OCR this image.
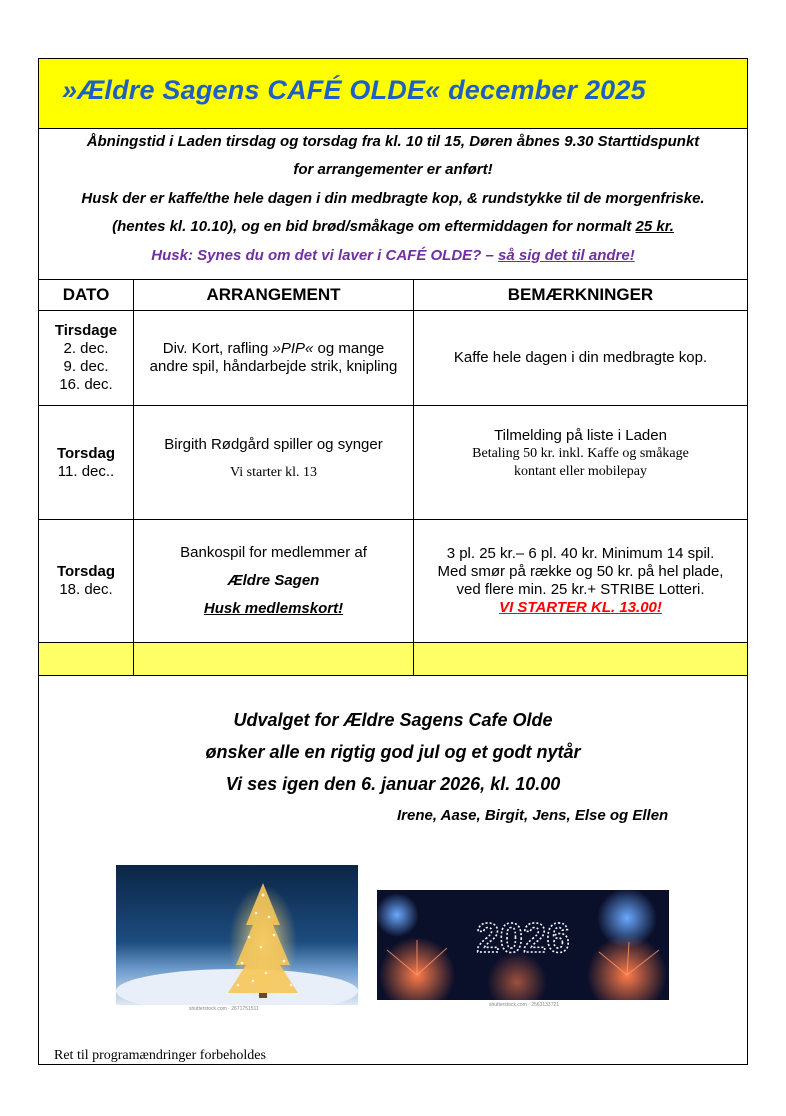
»Ældre Sagens CAFÉ OLDE« december 2025
Åbningstid i Laden tirsdag og torsdag fra kl. 10 til 15, Døren åbnes 9.30 Starttidspunkt
for arrangementer er anført!
Husk der er kaffe/the hele dagen i din medbragte kop, & rundstykke til de morgenfriske.
(hentes kl. 10.10), og en bid brød/småkage om eftermiddagen for normalt 25 kr.
Husk: Synes du om det vi laver i CAFÉ OLDE? – så sig det til andre!
DATO	ARRANGEMENT	BEMÆRKNINGER
Tirsdage
2. dec.
9. dec.
16. dec.
Div. Kort, rafling »PIP« og mange
andre spil, håndarbejde strik, knipling
Kaffe hele dagen i din medbragte kop.
Torsdag
11. dec..
Birgith Rødgård spiller og synger
Vi starter kl. 13
Tilmelding på liste i Laden
Betaling 50 kr. inkl. Kaffe og småkage
kontant eller mobilepay
Torsdag
18. dec.
Bankospil for medlemmer af
Ældre Sagen
Husk medlemskort!
3 pl. 25 kr.– 6 pl. 40 kr. Minimum 14 spil.
Med smør på række og 50 kr. på hel plade,
ved flere min. 25 kr.+ STRIBE Lotteri.
VI STARTER KL. 13.00!
Udvalget for Ældre Sagens Cafe Olde
ønsker alle en rigtig god jul og et godt nytår
Vi ses igen den 6. januar 2026, kl. 10.00
Irene, Aase, Birgit, Jens, Else og Ellen
shutterstock.com · 2671751511
2026
shutterstock.com · 2563133721
Ret til programændringer forbeholdes
